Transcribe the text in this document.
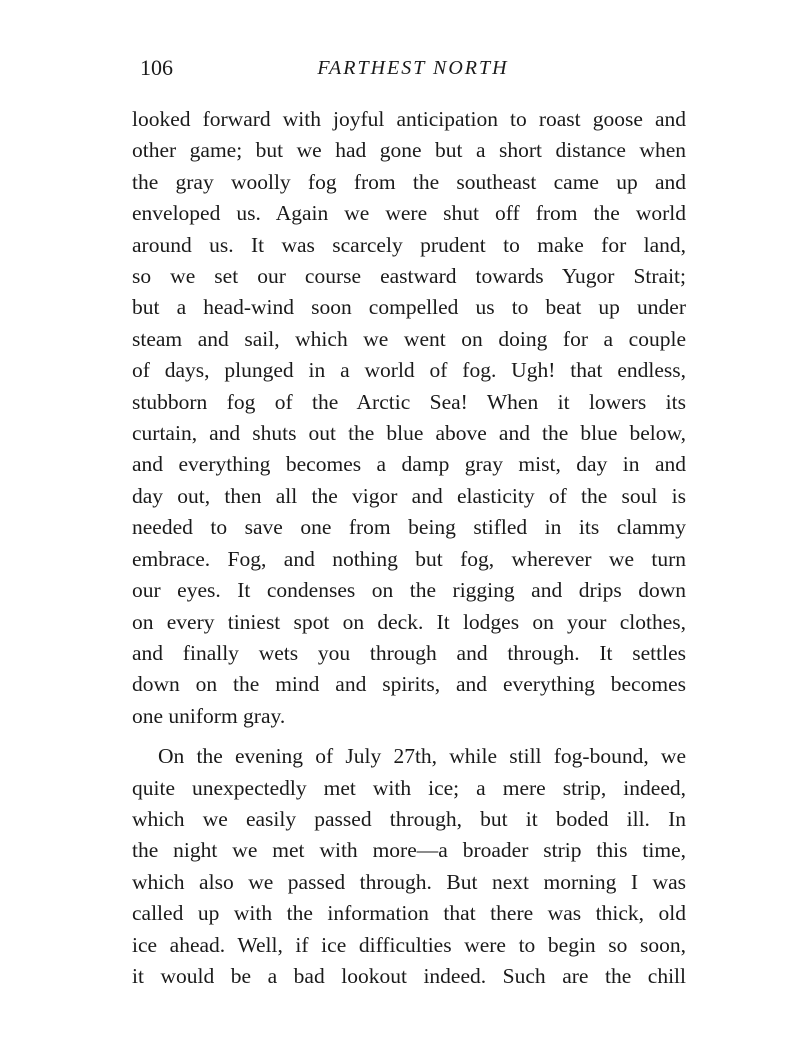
106	FARTHEST NORTH
looked forward with joyful anticipation to roast goose and
other game; but we had gone but a short distance when
the gray woolly fog from the southeast came up and
enveloped us. Again we were shut off from the world
around us. It was scarcely prudent to make for land,
so we set our course eastward towards Yugor Strait;
but a head-wind soon compelled us to beat up under
steam and sail, which we went on doing for a couple
of days, plunged in a world of fog. Ugh! that endless,
stubborn fog of the Arctic Sea! When it lowers its
curtain, and shuts out the blue above and the blue below,
and everything becomes a damp gray mist, day in and
day out, then all the vigor and elasticity of the soul is
needed to save one from being stifled in its clammy
embrace. Fog, and nothing but fog, wherever we turn
our eyes. It condenses on the rigging and drips down
on every tiniest spot on deck. It lodges on your clothes,
and finally wets you through and through. It settles
down on the mind and spirits, and everything becomes
one uniform gray.
On the evening of July 27th, while still fog-bound, we
quite unexpectedly met with ice; a mere strip, indeed,
which we easily passed through, but it boded ill. In
the night we met with more—a broader strip this time,
which also we passed through. But next morning I was
called up with the information that there was thick, old
ice ahead. Well, if ice difficulties were to begin so soon,
it would be a bad lookout indeed. Such are the chill
